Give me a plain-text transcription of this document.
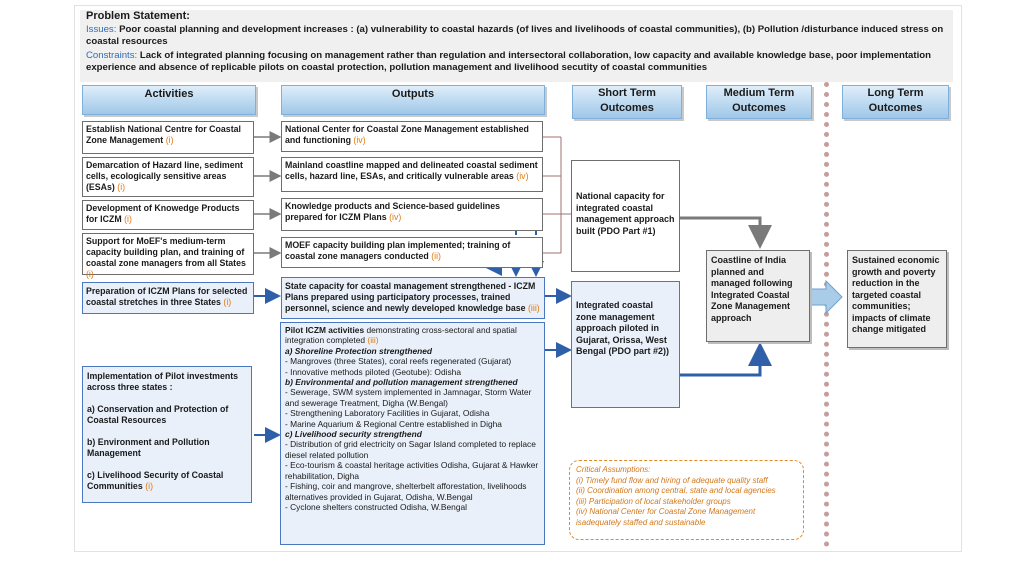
Problem Statement:
Issues: Poor coastal planning and development increases : (a) vulnerability to coastal hazards (of lives and livelihoods of coastal communities), (b) Pollution /disturbance induced stress on coastal resources
Constraints: Lack of integrated planning focusing on management rather than regulation and intersectoral collaboration, low capacity and available knowledge base, poor implementation experience and absence of replicable pilots on coastal protection, pollution management and livelihood secutity of coastal communities
Activities	Outputs	Short Term
Outcomes
Medium Term
Outcomes
Long Term
Outcomes
Establish National Centre for Coastal Zone Management (i)
Demarcation of Hazard line, sediment cells, ecologically sensitive areas (ESAs) (i)
Development of Knowedge Products for ICZM (i)
Support for MoEF's medium-term capacity building plan, and training of coastal zone managers from all States (i)
Preparation of ICZM Plans for selected coastal stretches in three States (i)
Implementation of Pilot investments across three states :
a) Conservation and Protection of Coastal Resources
b) Environment and Pollution Management
c) Livelihood Security of Coastal Communities (i)
National Center for Coastal Zone Management established and functioning (iv)
Mainland coastline mapped and delineated coastal sediment cells, hazard line, ESAs, and critically vulnerable areas (iv)
Knowledge products and Science-based guidelines prepared for ICZM Plans (iv)
MOEF capacity building plan implemented; training of coastal zone managers conducted (ii)
State capacity for coastal management strengthened - ICZM Plans prepared using participatory processes, trained personnel, science and newly developed knowledge base (iii)
Pilot ICZM activities demonstrating cross-sectoral and spatial integration completed (iii)
a) Shoreline Protection strengthened
- Mangroves (three States), coral reefs regenerated (Gujarat)
- Innovative methods piloted (Geotube): Odisha
b) Environmental and pollution management strengthened
- Sewerage, SWM system implemented in Jamnagar, Storm Water and sewerage Treatment, Digha (W.Bengal)
- Strengthening Laboratory Facilities in Gujarat, Odisha
- Marine Aquarium & Regional Centre established in Digha
c) Livelihood security strengthend
- Distribution of grid electricity on Sagar Island completed to replace diesel related pollution
- Eco-tourism & coastal heritage activities Odisha, Gujarat & Hawker rehabilitation, Digha
- Fishing, coir and mangrove, shelterbelt afforestation, livelihoods alternatives provided in Gujarat, Odisha, W.Bengal
- Cyclone shelters constructed Odisha, W.Bengal
National capacity for integrated coastal management approach built (PDO Part #1)
Integrated coastal zone management approach piloted in Gujarat, Orissa, West Bengal (PDO part #2))
Coastline of India planned and managed following Integrated Coastal Zone Management approach
Sustained economic growth and poverty reduction in the targeted coastal communities; impacts of climate change mitigated
Critical Assumptions:
(i) Timely fund flow and hiring of adequate quality staff
(ii) Coordination among central, state and local agencies
(iii) Participation of local stakeholder groups
(iv) National Center for Coastal Zone Management isadequately staffed and sustainable
